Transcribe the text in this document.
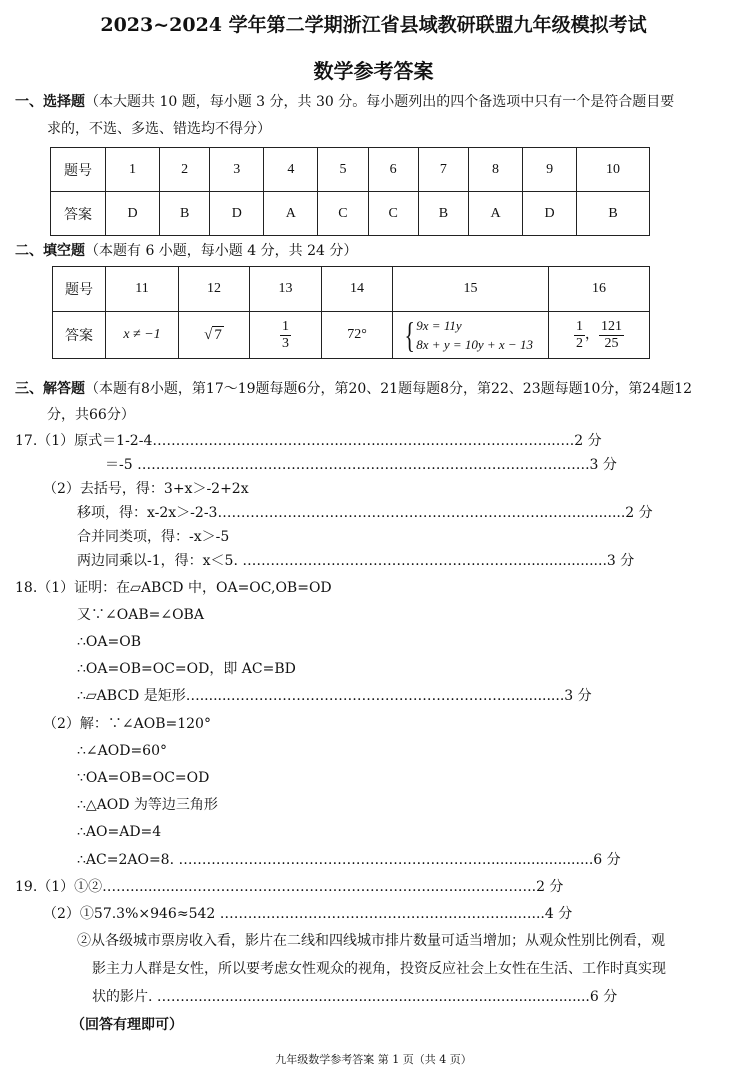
2023~2024 学年第二学期浙江省县域教研联盟九年级模拟考试
数学参考答案
一、选择题（本大题共 10 题，每小题 3 分，共 30 分。每小题列出的四个备选项中只有一个是符合题目要
求的，不选、多选、错选均不得分）
题号	1	2	3	4	5	6	7	8	9	10
答案	D	B	D	A	C	C	B	A	D	B
二、填空题（本题有 6 小题，每小题 4 分，共 24 分）
题号	11	12	13	14	15	16
答案	x ≠ −1	√ 7	$\frac{1}{3}$	72°	{ 9x = 11y
8x + y = 10y + x − 13	$\frac{1}{2}$ ， $\frac{121}{25}$
三、解答题（本题有8小题，第17～19题每题6分，第20、21题每题8分，第22、23题每题10分，第24题12
分，共66分）
17.（1）原式＝1-2-4…………………………………...……...……...……………………...….2 分
＝-5 …………………………………………………………………………………….3 分
（2）去括号，得：3+x＞-2+2x
移项，得：x-2x＞-2-3……………………………………………………………..……...........2 分
合并同类项，得：-x＞-5
两边同乘以-1，得：x＜5. ……………………………………………………...................3 分
18.（1）证明：在▱ABCD 中，OA=OC,OB=OD
又∵∠OAB=∠OBA
∴OA=OB
∴OA=OB=OC=OD，即 AC=BD
∴▱ABCD 是矩形….......……………………………………………………............3 分
（2）解：∵∠AOB=120°
∴∠AOD=60°
∵OA=OB=OC=OD
∴△AOD 为等边三角形
∴AO=AD=4
∴AC=2AO=8. …………………………………………………………........................6 分
19.（1）①②…….............……………………………………………...…....…………..2 分
（2）①57.3%×946≈542 ……….……………………………………………...…...4 分
②从各级城市票房收入看，影片在二线和四线城市排片数量可适当增加；从观众性别比例看，观
影主力人群是女性，所以要考虑女性观众的视角，投资反应社会上女性在生活、工作时真实现
状的影片. ……...........................................................................................6 分
（回答有理即可）
九年级数学参考答案 第 1 页（共 4 页）
